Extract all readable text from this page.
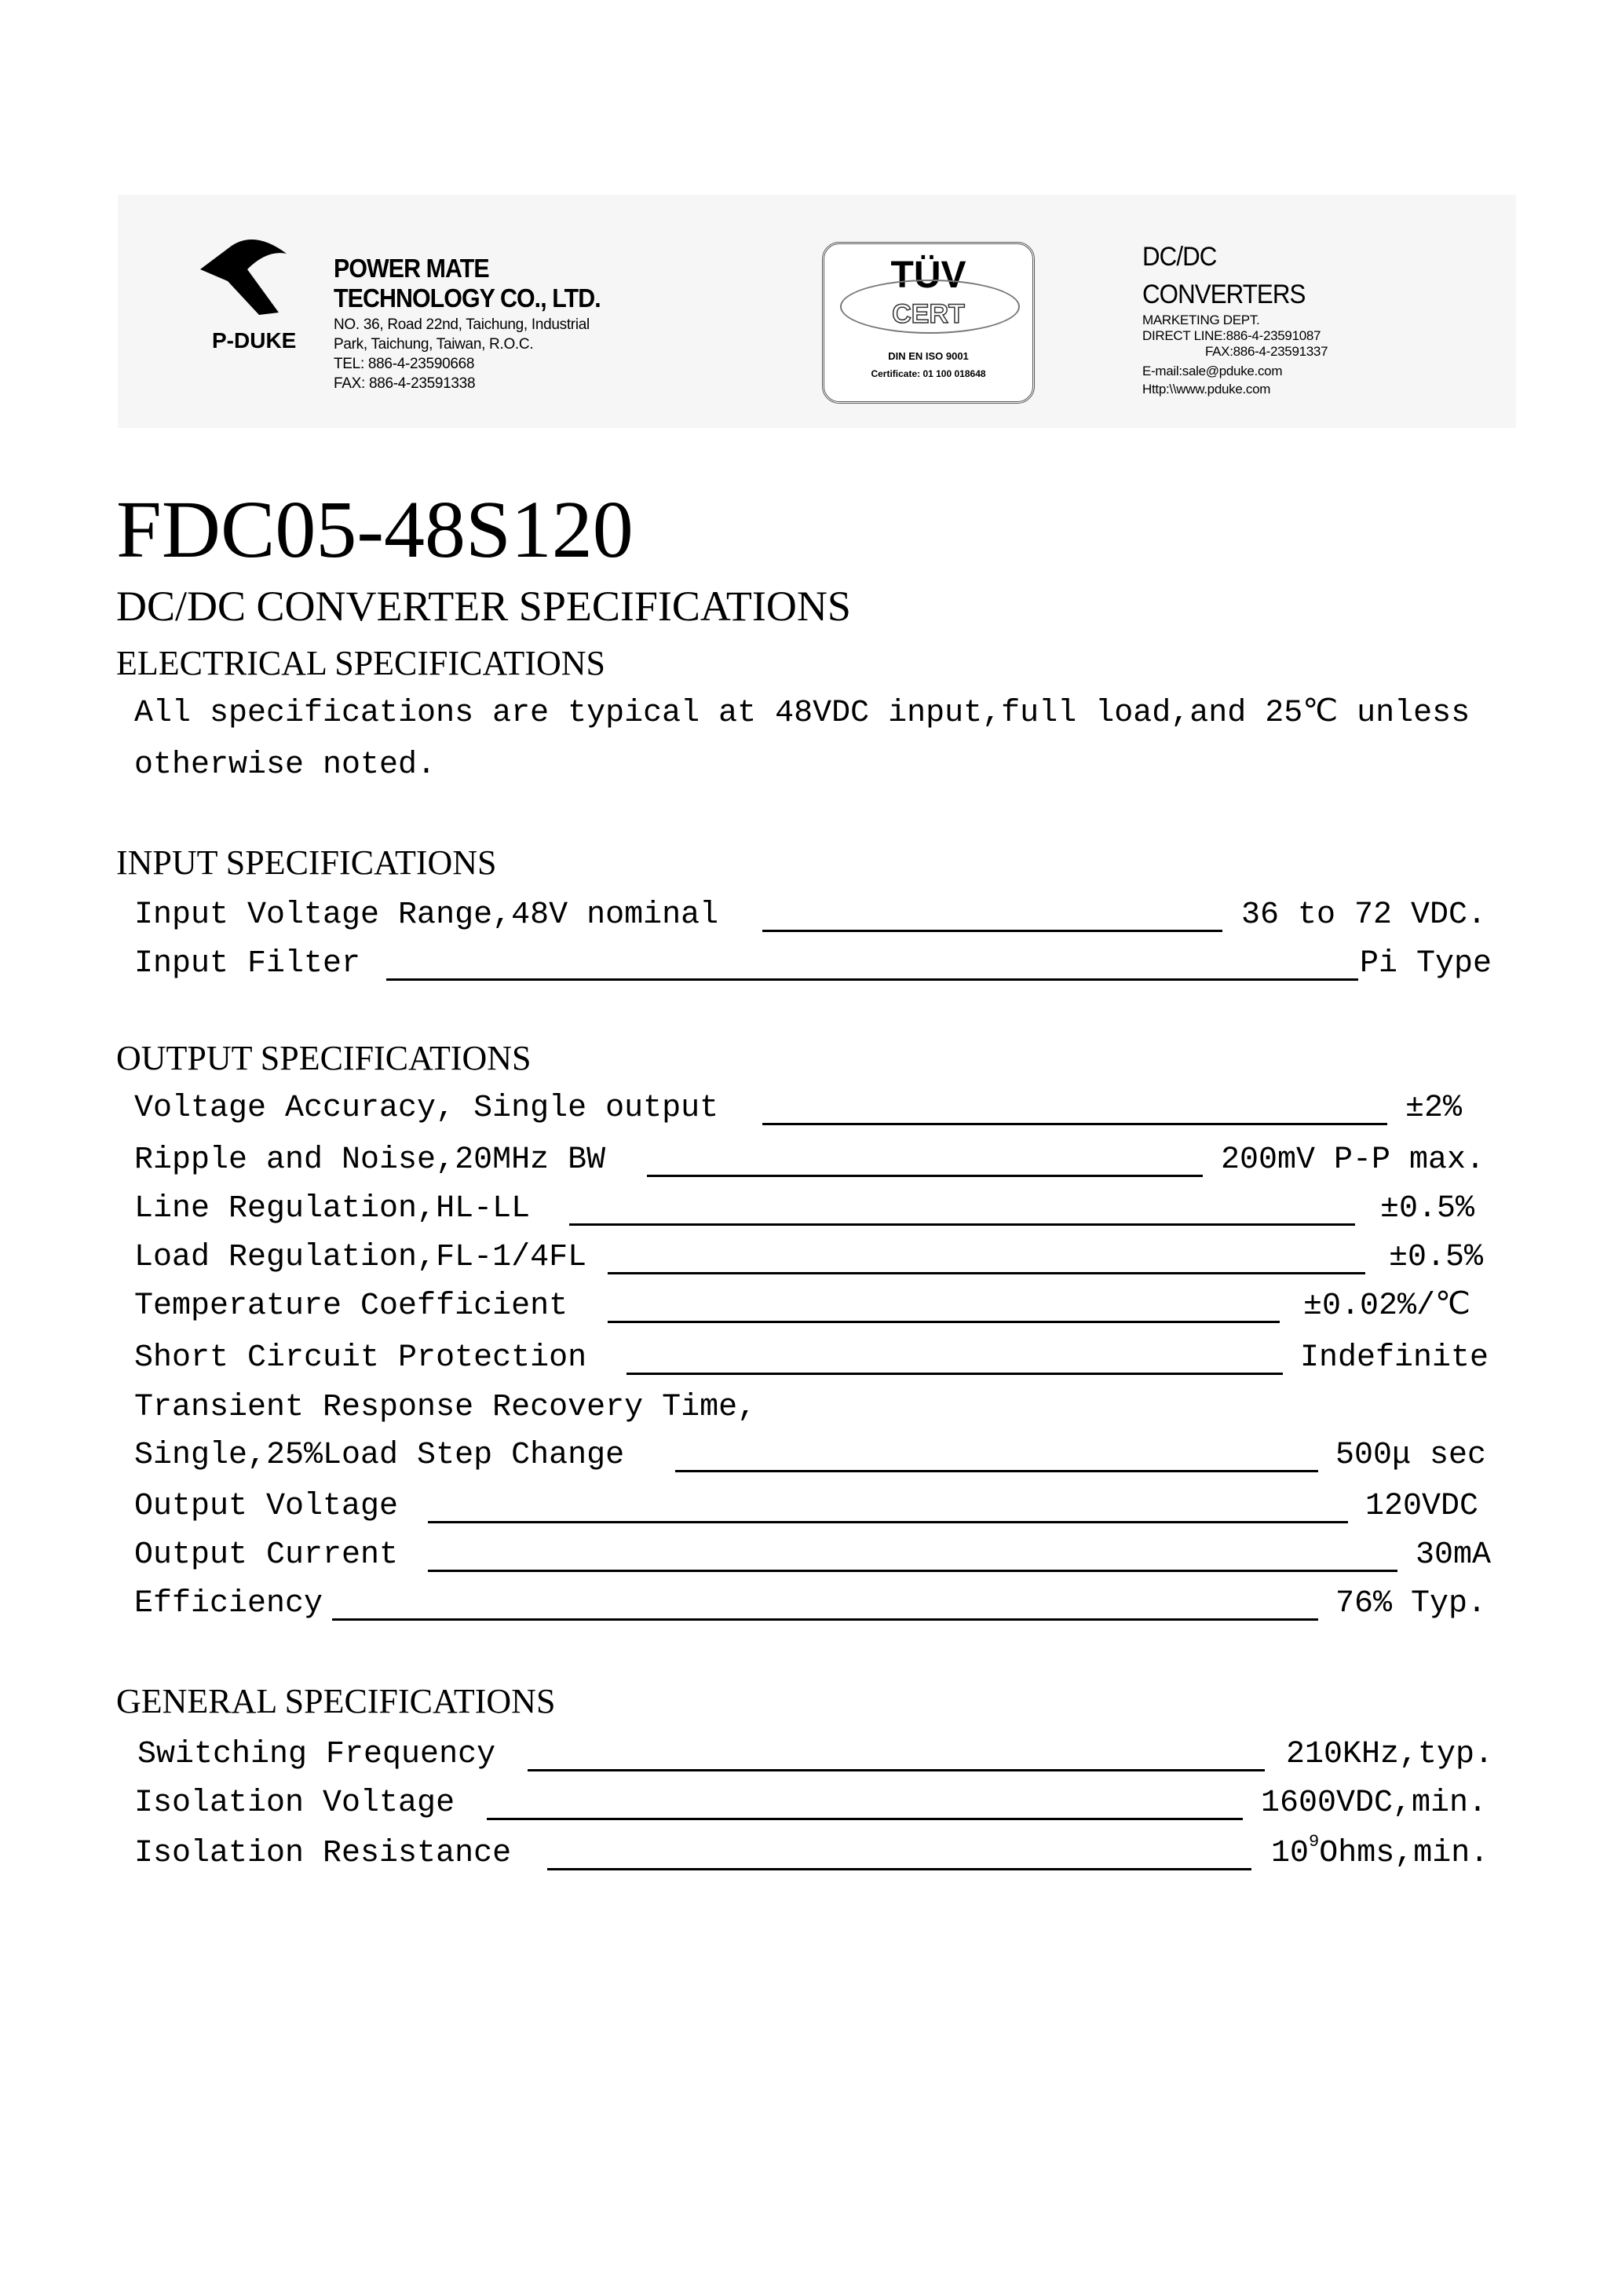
P-DUKE
POWER MATE
TECHNOLOGY CO., LTD.
NO. 36, Road 22nd, Taichung, Industrial
Park, Taichung, Taiwan, R.O.C.
TEL: 886-4-23590668
FAX: 886-4-23591338
TÜV
CERT
DIN EN ISO 9001
Certificate: 01 100 018648
DC/DC
CONVERTERS
MARKETING DEPT.
DIRECT LINE:886-4-23591087
FAX:886-4-23591337
E-mail:sale@pduke.com
Http:\\www.pduke.com
FDC05-48S120
DC/DC CONVERTER SPECIFICATIONS
ELECTRICAL SPECIFICATIONS
All specifications are typical at 48VDC input,full load,and 25℃ unless
otherwise noted.
INPUT SPECIFICATIONS

Input Voltage Range,48V nominal

	36 to 72 VDC.

Input Filter

	Pi Type

OUTPUT SPECIFICATIONS

Voltage Accuracy, Single output

	±2%

Ripple and Noise,20MHz BW

	200mV P-P max.

Line Regulation,HL-LL

	±0.5%

Load Regulation,FL-1/4FL

	±0.5%

Temperature Coefficient

	±0.02%/℃

Short Circuit Protection

	Indefinite

Transient Response Recovery Time,

Single,25%Load Step Change

	500μ sec

Output Voltage

	120VDC

Output Current

	30mA

Efficiency

	76% Typ.

GENERAL SPECIFICATIONS

Switching Frequency

	210KHz,typ.

Isolation Voltage

	1600VDC,min.

Isolation Resistance

	$10^9Ohms,\min$.
